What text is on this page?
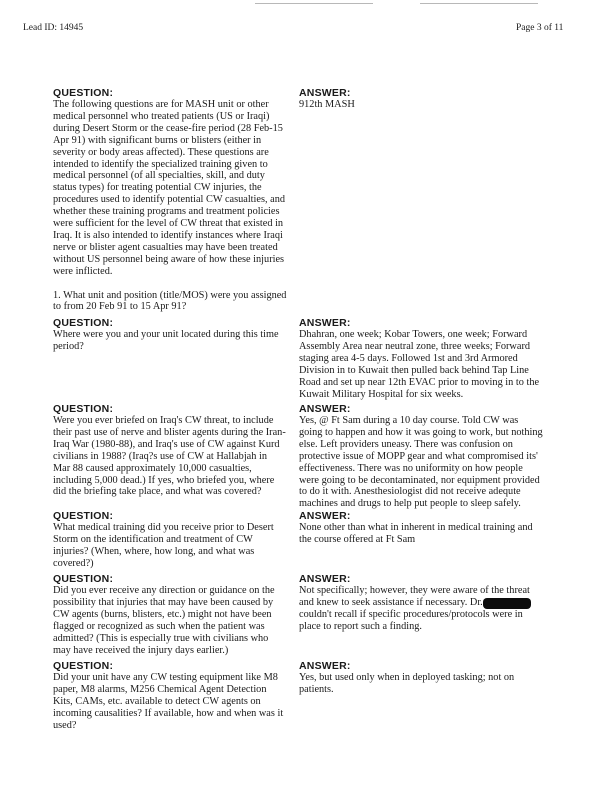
Lead ID: 14945	Page 3 of 11
QUESTION:	ANSWER:
The following questions are for MASH unit or other
medical personnel who treated patients (US or Iraqi)
during Desert Storm or the cease-fire period (28 Feb-15
Apr 91) with significant burns or blisters (either in
severity or body areas affected). These questions are
intended to identify the specialized training given to
medical personnel (of all specialties, skill, and duty
status types) for treating potential CW injuries, the
procedures used to identify potential CW casualties, and
whether these training programs and treatment policies
were sufficient for the level of CW threat that existed in
Iraq. It is also intended to identify instances where Iraqi
nerve or blister agent casualties may have been treated
without US personnel being aware of how these injuries
were inflicted.

1. What unit and position (title/MOS) were you assigned
to from 20 Feb 91 to 15 Apr 91?
912th MASH
QUESTION:	ANSWER:
Where were you and your unit located during this time
period?
Dhahran, one week; Kobar Towers, one week; Forward
Assembly Area near neutral zone, three weeks; Forward
staging area 4-5 days. Followed 1st and 3rd Armored
Division in to Kuwait then pulled back behind Tap Line
Road and set up near 12th EVAC prior to moving in to the
Kuwait Military Hospital for six weeks.
QUESTION:	ANSWER:
Were you ever briefed on Iraq's CW threat, to include
their past use of nerve and blister agents during the Iran-
Iraq War (1980-88), and Iraq's use of CW against Kurd
civilians in 1988? (Iraq?s use of CW at Hallabjah in
Mar 88 caused approximately 10,000 casualties,
including 5,000 dead.) If yes, who briefed you, where
did the briefing take place, and what was covered?
Yes, @ Ft Sam during a 10 day course. Told CW was
going to happen and how it was going to work, but nothing
else. Left providers uneasy. There was confusion on
protective issue of MOPP gear and what compromised its'
effectiveness. There was no uniformity on how people
were going to be decontaminated, nor equipment provided
to do it with. Anesthesiologist did not receive adequte
machines and drugs to help put people to sleep safely.
QUESTION:	ANSWER:
What medical training did you receive prior to Desert
Storm on the identification and treatment of CW
injuries? (When, where, how long, and what was
covered?)
None other than what in inherent in medical training and
the course offered at Ft Sam
QUESTION:	ANSWER:
Did you ever receive any direction or guidance on the
possibility that injuries that may have been caused by
CW agents (burns, blisters, etc.) might not have been
flagged or recognized as such when the patient was
admitted? (This is especially true with civilians who
may have received the injury days earlier.)
Not specifically; however, they were aware of the threat
and knew to seek assistance if necessary. Dr.
couldn't recall if specific procedures/protocols were in
place to report such a finding.
QUESTION:	ANSWER:
Did your unit have any CW testing equipment like M8
paper, M8 alarms, M256 Chemical Agent Detection
Kits, CAMs, etc. available to detect CW agents on
incoming causalities? If available, how and when was it
used?
Yes, but used only when in deployed tasking; not on
patients.
